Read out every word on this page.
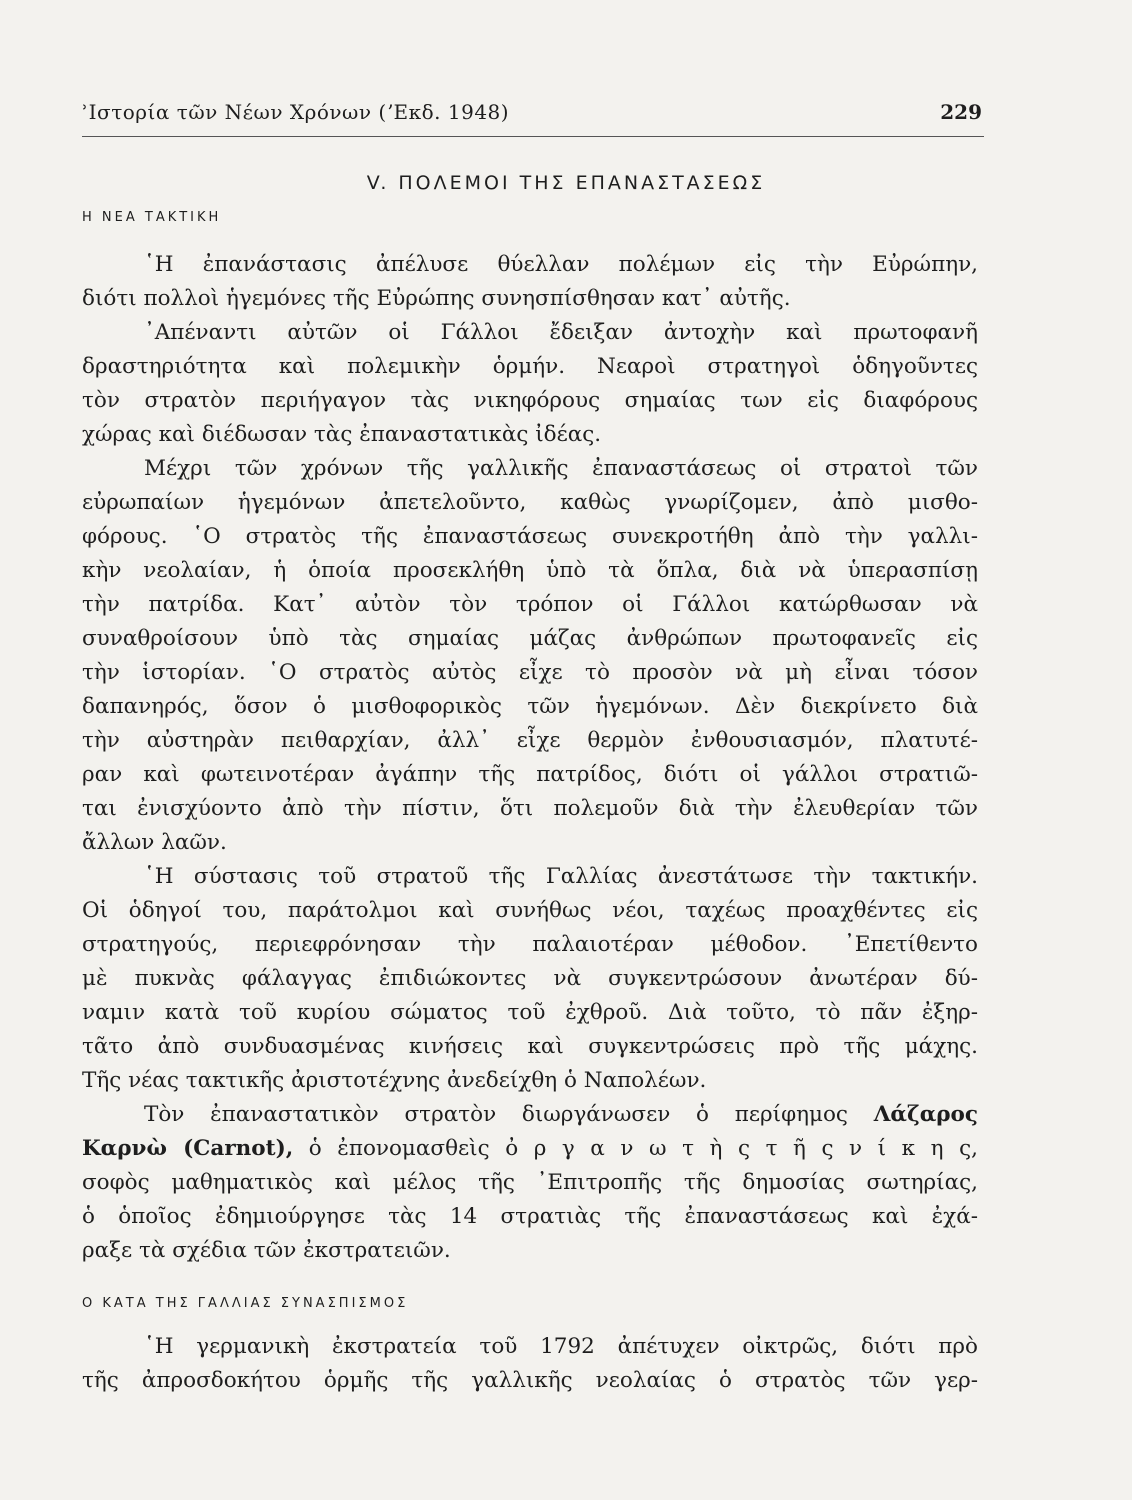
ʾΙστορία τῶν Νέων Χρόνων (ʼΕκδ. 1948)	229
V. ΠΟΛΕΜΟΙ ΤΗΣ ΕΠΑΝΑΣΤΑΣΕΩΣ
Η ΝΕΑ ΤΑΚΤΙΚΗ
῾Η ἐπανάστασις ἀπέλυσε θύελλαν πολέμων εἰς τὴν Εὐρώπην,
διότι πολλοὶ ἡγεμόνες τῆς Εὐρώπης συνησπίσθησαν κατ᾿ αὐτῆς.
᾿Απέναντι αὐτῶν οἱ Γάλλοι ἔδειξαν ἀντοχὴν καὶ πρωτοφανῆ
δραστηριότητα καὶ πολεμικὴν ὁρμήν. Νεαροὶ στρατηγοὶ ὁδηγοῦντες
τὸν στρατὸν περιήγαγον τὰς νικηφόρους σημαίας των εἰς διαφόρους
χώρας καὶ διέδωσαν τὰς ἐπαναστατικὰς ἰδέας.
Μέχρι τῶν χρόνων τῆς γαλλικῆς ἐπαναστάσεως οἱ στρατοὶ τῶν
εὐρωπαίων ἡγεμόνων ἀπετελοῦντο, καθὼς γνωρίζομεν, ἀπὸ μισθο-
φόρους. ῾Ο στρατὸς τῆς ἐπαναστάσεως συνεκροτήθη ἀπὸ τὴν γαλλι-
κὴν νεολαίαν, ἡ ὁποία προσεκλήθη ὑπὸ τὰ ὅπλα, διὰ νὰ ὑπερασπίσῃ
τὴν πατρίδα. Κατ᾿ αὐτὸν τὸν τρόπον οἱ Γάλλοι κατώρθωσαν νὰ
συναθροίσουν ὑπὸ τὰς σημαίας μάζας ἀνθρώπων πρωτοφανεῖς εἰς
τὴν ἱστορίαν. ῾Ο στρατὸς αὐτὸς εἶχε τὸ προσὸν νὰ μὴ εἶναι τόσον
δαπανηρός, ὅσον ὁ μισθοφορικὸς τῶν ἡγεμόνων. Δὲν διεκρίνετο διὰ
τὴν αὐστηρὰν πειθαρχίαν, ἀλλ᾿ εἶχε θερμὸν ἐνθουσιασμόν, πλατυτέ-
ραν καὶ φωτεινοτέραν ἀγάπην τῆς πατρίδος, διότι οἱ γάλλοι στρατιῶ-
ται ἐνισχύοντο ἀπὸ τὴν πίστιν, ὅτι πολεμοῦν διὰ τὴν ἐλευθερίαν τῶν
ἄλλων λαῶν.
῾Η σύστασις τοῦ στρατοῦ τῆς Γαλλίας ἀνεστάτωσε τὴν τακτικήν.
Οἱ ὁδηγοί του, παράτολμοι καὶ συνήθως νέοι, ταχέως προαχθέντες εἰς
στρατηγούς, περιεφρόνησαν τὴν παλαιοτέραν μέθοδον. ᾿Επετίθεντο
μὲ πυκνὰς φάλαγγας ἐπιδιώκοντες νὰ συγκεντρώσουν ἀνωτέραν δύ-
ναμιν κατὰ τοῦ κυρίου σώματος τοῦ ἐχθροῦ. Διὰ τοῦτο, τὸ πᾶν ἐξηρ-
τᾶτο ἀπὸ συνδυασμένας κινήσεις καὶ συγκεντρώσεις πρὸ τῆς μάχης.
Τῆς νέας τακτικῆς ἀριστοτέχνης ἀνεδείχθη ὁ Ναπολέων.
Τὸν ἐπαναστατικὸν στρατὸν διωργάνωσεν ὁ περίφημος Λάζαρος
Καρνὼ (Carnot), ὁ ἐπονομασθεὶς ὀ ρ γ α ν ω τ ὴ ς τ ῆ ς ν ί κ η ς,
σοφὸς μαθηματικὸς καὶ μέλος τῆς ᾿Επιτροπῆς τῆς δημοσίας σωτηρίας,
ὁ ὁποῖος ἐδημιούργησε τὰς 14 στρατιὰς τῆς ἐπαναστάσεως καὶ ἐχά-
ραξε τὰ σχέδια τῶν ἐκστρατειῶν.
Ο ΚΑΤΑ ΤΗΣ ΓΑΛΛΙΑΣ ΣΥΝΑΣΠΙΣΜΟΣ
῾Η γερμανικὴ ἐκστρατεία τοῦ 1792 ἀπέτυχεν οἰκτρῶς, διότι πρὸ
τῆς ἀπροσδοκήτου ὁρμῆς τῆς γαλλικῆς νεολαίας ὁ στρατὸς τῶν γερ-
